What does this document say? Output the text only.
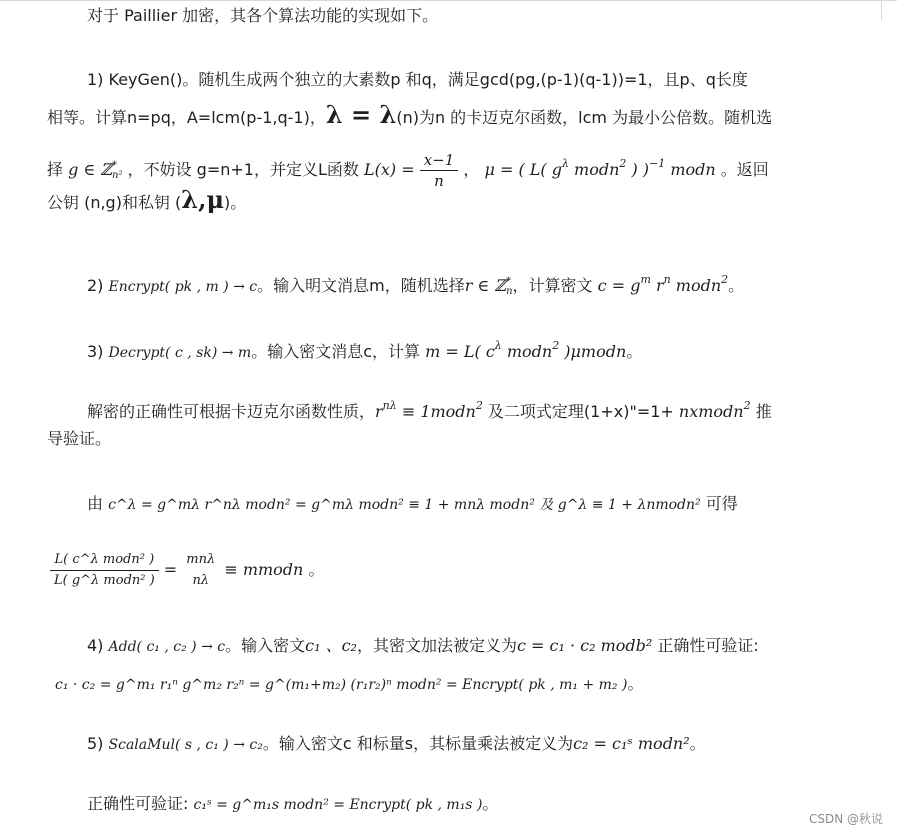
对于 Paillier 加密，其各个算法功能的实现如下。
1) KeyGen()。随机生成两个独立的大素数p 和q，满足gcd(pg,(p-1)(q-1))=1，且p、q长度
相等。计算n=pq，A=lcm(p-1,q-1)，λ = λ(n)为n 的卡迈克尔函数，lcm 为最小公倍数。随机选
择 g ∈ ℤ *
n² ，不妨设 g=n+1，并定义L函数 $L(x) = \frac{x-1}{n}$ ， μ = ( L( $g^\lambda$ modn$^2$ ) )$^{-1}$ modn 。返回
公钥 (n,g)和私钥 (λ,μ)。
2) Encrypt( pk , m ) → c。输入明文消息m，随机选择r ∈ ℤ *
n ，计算密文 $c = g^m$ $r^n$ modn$^2$。
3) Decrypt( c , sk) → m。输入密文消息c，计算 m = L( $c^\lambda$ modn$^2$ )μmodn。
解密的正确性可根据卡迈克尔函数性质，$r^{n\lambda}$ ≡ 1modn$^2$ 及二项式定理(1+x)"=1+ nxmodn$^2$ 推
导验证。
由 c^λ = g^mλ r^nλ modn² = g^mλ modn² ≡ 1 + mnλ modn² 及 g^λ ≡ 1 + λnmodn² 可得
$\frac{\text{L( c\textasciicircum{}λ modn² )}}{\text{L( g\textasciicircum{}λ modn² )}} = \frac{\text{mnλ}}{n\lambda}$ ≡ mmodn 。
4) Add( c₁ , c₂ ) → c。输入密文c₁ 、c₂，其密文加法被定义为c = c₁ · c₂ modb² 正确性可验证:
c₁ · c₂ = g^m₁ r₁ⁿ g^m₂ r₂ⁿ = g^(m₁+m₂) (r₁r₂)ⁿ modn² = Encrypt( pk , m₁ + m₂ )。
5) ScalaMul( s , c₁ ) → c₂。输入密文c 和标量s，其标量乘法被定义为c₂ = c₁ˢ modn²。
正确性可验证: c₁ˢ = g^m₁s modn² = Encrypt( pk , m₁s )。
CSDN @秋说
